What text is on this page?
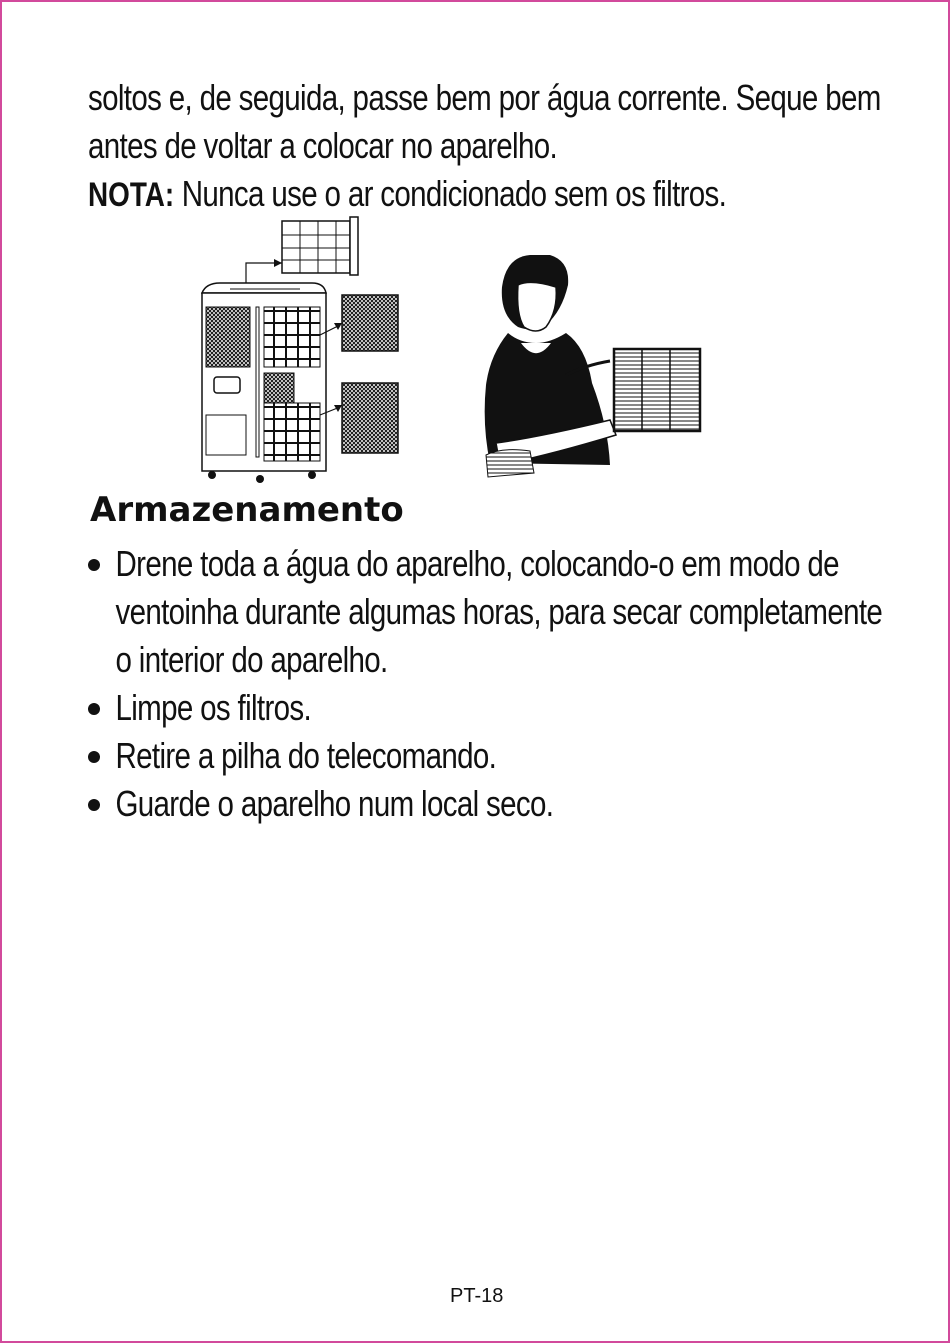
soltos e, de seguida, passe bem por água corrente. Seque bem
antes de voltar a colocar no aparelho.
NOTA: Nunca use o ar condicionado sem os filtros.
Armazenamento
Drene toda a água do aparelho, colocando-o em modo de
ventoinha durante algumas horas, para secar completamente
o interior do aparelho.
Limpe os filtros.
Retire a pilha do telecomando.
Guarde o aparelho num local seco.
PT-18
